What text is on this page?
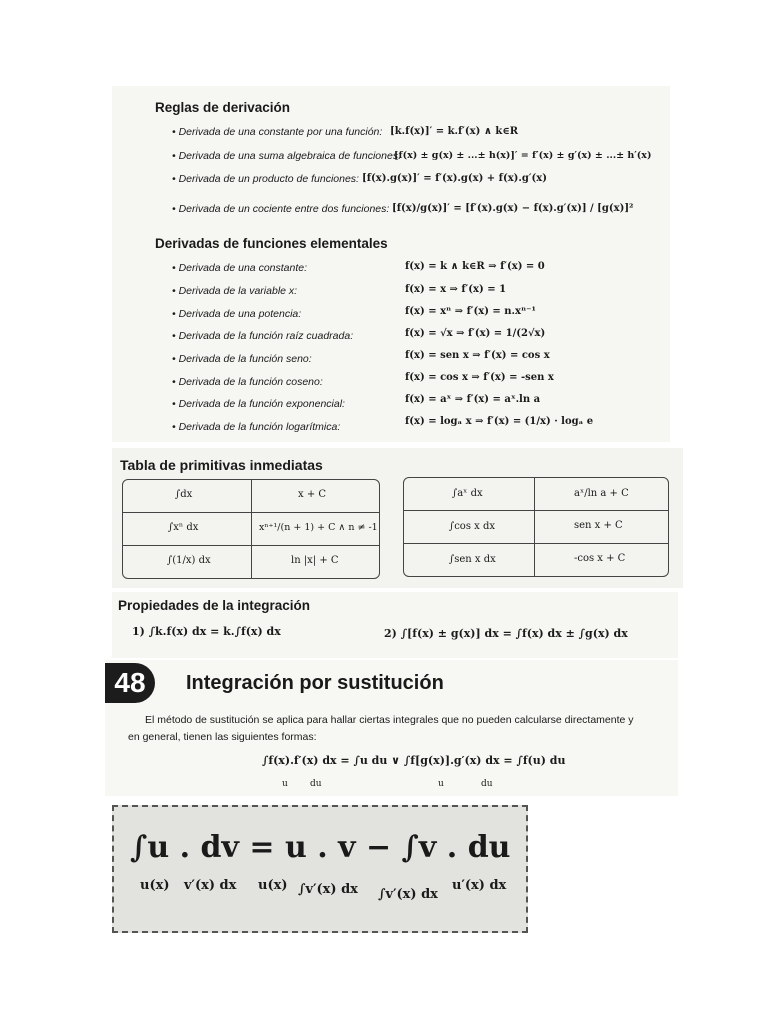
Reglas de derivación
• Derivada de una constante por una función: [k.f(x)]′ = k.f′(x) ∧ k∈R
• Derivada de una suma algebraica de funciones:
[f(x) ± g(x) ± ...± h(x)]′ = f′(x) ± g′(x) ± ...± h′(x)
• Derivada de un producto de funciones: [f(x).g(x)]′ = f′(x).g(x) + f(x).g′(x)
• Derivada de un cociente entre dos funciones: [f(x)/g(x)]′ = [f′(x).g(x) − f(x).g′(x)] / [g(x)]²
Derivadas de funciones elementales
• Derivada de una constante:	f(x) = k ∧ k∈R ⇒ f′(x) = 0
• Derivada de la variable x:	f(x) = x ⇒ f′(x) = 1
• Derivada de una potencia:	f(x) = xⁿ ⇒ f′(x) = n.xⁿ⁻¹
• Derivada de la función raíz cuadrada:	f(x) = √x ⇒ f′(x) = 1/(2√x)
• Derivada de la función seno:	f(x) = sen x ⇒ f′(x) = cos x
• Derivada de la función coseno:	f(x) = cos x ⇒ f′(x) = -sen x
• Derivada de la función exponencial:	f(x) = aˣ ⇒ f′(x) = aˣ.ln a
• Derivada de la función logarítmica:	f(x) = logₐ x ⇒ f′(x) = (1/x) · logₐ e
Tabla de primitivas inmediatas
∫dx	x + C
∫xⁿ dx	xⁿ⁺¹/(n + 1) + C ∧ n ≠ -1
∫(1/x) dx	ln |x| + C
∫aˣ dx	aˣ/ln a + C
∫cos x dx	sen x + C
∫sen x dx	-cos x + C
Propiedades de la integración
1) ∫k.f(x) dx = k.∫f(x) dx	2) ∫[f(x) ± g(x)] dx = ∫f(x) dx ± ∫g(x) dx
48	Integración por sustitución
El método de sustitución se aplica para hallar ciertas integrales que no pueden calcularse directamente y
en general, tienen las siguientes formas:
∫f(x).f′(x) dx = ∫u du ∨ ∫f[g(x)].g′(x) dx = ∫f(u) du
u du	u	du
∫u . dv = u . v − ∫v . du
u(x) v′(x) dx u(x) ∫v′(x) dx ∫v′(x) dx
u′(x) dx
